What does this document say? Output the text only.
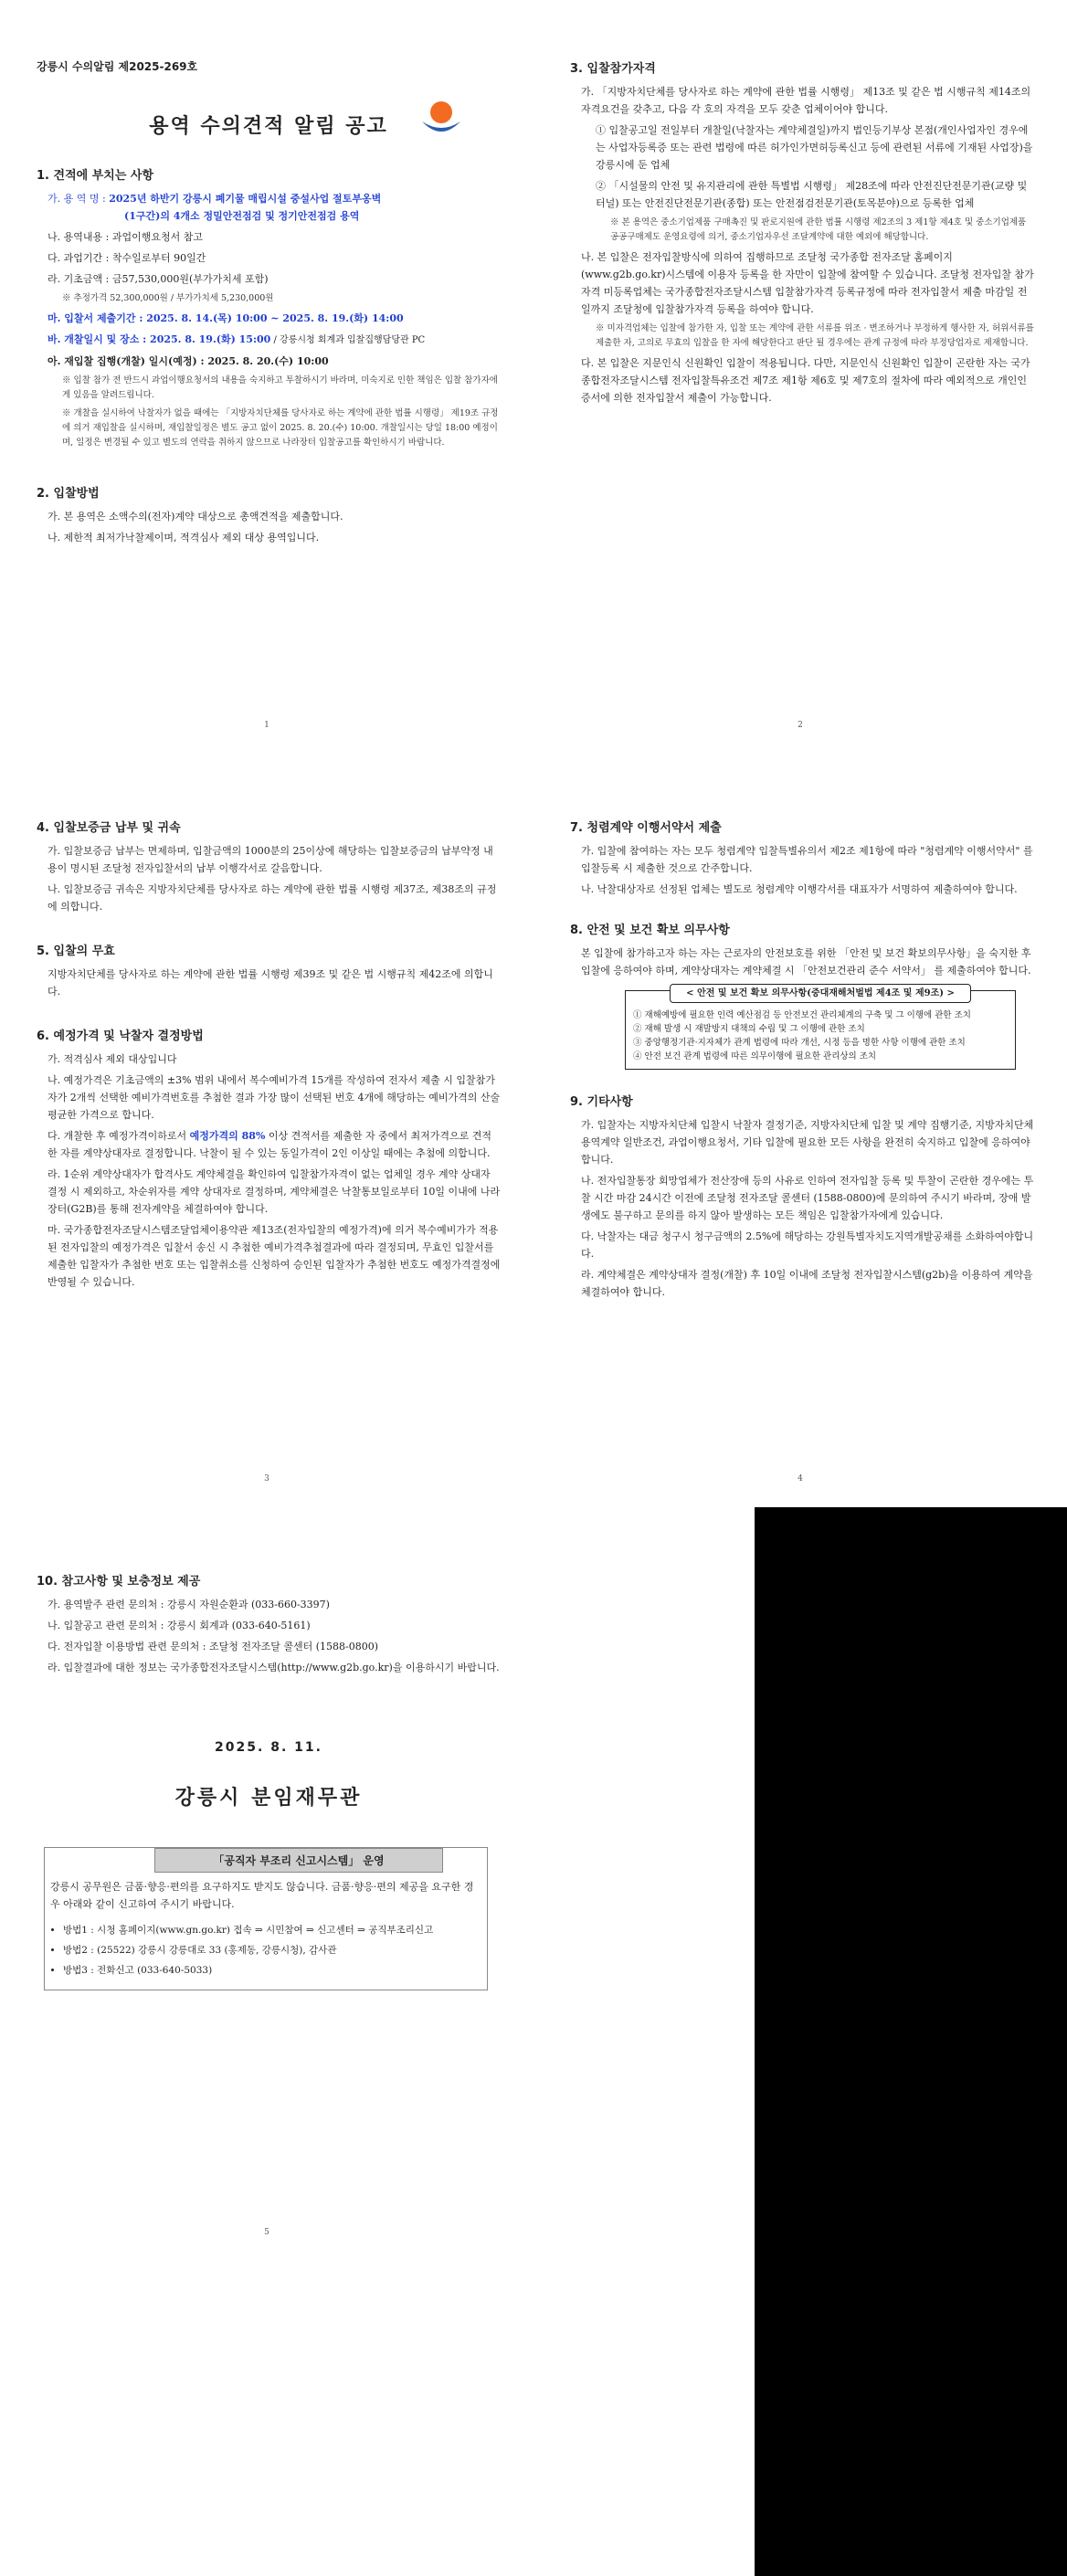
강릉시 수의알림 제2025-269호
용역 수의견적 알림 공고
1. 견적에 부치는 사항
가. 용 역 명 : 2025년 하반기 강릉시 폐기물 매립시설 중설사업 절토부옹벽
(1구간)의 4개소 정밀안전점검 및 정기안전점검 용역
나. 용역내용 : 과업이행요청서 참고
다. 과업기간 : 착수일로부터 90일간
라. 기초금액 : 금57,530,000원(부가가치세 포함)
※ 추정가격 52,300,000원 / 부가가치세 5,230,000원
마. 입찰서 제출기간 : 2025. 8. 14.(목) 10:00 ~ 2025. 8. 19.(화) 14:00
바. 개찰일시 및 장소 : 2025. 8. 19.(화) 15:00 / 강릉시청 회계과 입찰집행담당관 PC
아. 재입찰 집행(개찰) 일시(예정) : 2025. 8. 20.(수) 10:00
※ 입찰 참가 전 반드시 과업이행요청서의 내용을 숙지하고 투찰하시기 바라며, 미숙지로 인한 책임은 입찰 참가자에게 있음을 알려드립니다.
※ 개찰을 실시하여 낙찰자가 없을 때에는 「지방자치단체를 당사자로 하는 계약에 관한 법률 시행령」 제19조 규정에 의거 재입찰을 실시하며, 재입찰일정은 별도 공고 없이 2025. 8. 20.(수) 10:00. 개찰일시는 당일 18:00 예정이며, 일정은 변경될 수 있고 별도의 연락을 취하지 않으므로 나라장터 입찰공고를 확인하시기 바랍니다.
2. 입찰방법
가. 본 용역은 소액수의(전자)계약 대상으로 총액견적을 제출합니다.
나. 제한적 최저가낙찰제이며, 적격심사 제외 대상 용역입니다.
1
3. 입찰참가자격
가. 「지방자치단체를 당사자로 하는 계약에 관한 법률 시행령」 제13조 및 같은 법 시행규칙 제14조의 자격요건을 갖추고, 다음 각 호의 자격을 모두 갖춘 업체이어야 합니다.
① 입찰공고일 전일부터 개찰일(낙찰자는 계약체결일)까지 법인등기부상 본점(개인사업자인 경우에는 사업자등록증 또는 관련 법령에 따른 허가인가면허등록신고 등에 관련된 서류에 기재된 사업장)을 강릉시에 둔 업체
② 「시설물의 안전 및 유지관리에 관한 특별법 시행령」 제28조에 따라 안전진단전문기관(교량 및 터널) 또는 안전진단전문기관(종합) 또는 안전점검전문기관(토목분야)으로 등록한 업체
※ 본 용역은 중소기업제품 구매촉진 및 판로지원에 관한 법률 시행령 제2조의 3 제1항 제4호 및 중소기업제품 공공구매제도 운영요령에 의거, 중소기업자우선 조달계약에 대한 예외에 해당합니다.
나. 본 입찰은 전자입찰방식에 의하여 집행하므로 조달청 국가종합 전자조달 홈페이지(www.g2b.go.kr)시스템에 이용자 등록을 한 자만이 입찰에 참여할 수 있습니다. 조달청 전자입찰 참가자격 미등록업체는 국가종합전자조달시스템 입찰참가자격 등록규정에 따라 전자입찰서 제출 마감일 전일까지 조달청에 입찰참가자격 등록을 하여야 합니다.
※ 미자격업체는 입찰에 참가한 자, 입찰 또는 계약에 관한 서류를 위조 · 변조하거나 부정하게 행사한 자, 허위서류를 제출한 자, 고의로 무효의 입찰을 한 자에 해당한다고 판단 될 경우에는 관계 규정에 따라 부정당업자로 제재합니다.
다. 본 입찰은 지문인식 신원확인 입찰이 적용됩니다. 다만, 지문인식 신원확인 입찰이 곤란한 자는 국가종합전자조달시스템 전자입찰특유조건 제7조 제1항 제6호 및 제7호의 절차에 따라 예외적으로 개인인증서에 의한 전자입찰서 제출이 가능합니다.
2
4. 입찰보증금 납부 및 귀속
가. 입찰보증금 납부는 면제하며, 입찰금액의 1000분의 25이상에 해당하는 입찰보증금의 납부약정 내용이 명시된 조달청 전자입찰서의 납부 이행각서로 갈음합니다.
나. 입찰보증금 귀속은 지방자치단체를 당사자로 하는 계약에 관한 법률 시행령 제37조, 제38조의 규정에 의합니다.
5. 입찰의 무효
지방자치단체를 당사자로 하는 계약에 관한 법률 시행령 제39조 및 같은 법 시행규칙 제42조에 의합니다.
6. 예정가격 및 낙찰자 결정방법
가. 적격심사 제외 대상입니다
나. 예정가격은 기초금액의 ±3% 범위 내에서 복수예비가격 15개를 작성하여 전자서 제출 시 입찰참가자가 2개씩 선택한 예비가격번호를 추첨한 결과 가장 많이 선택된 번호 4개에 해당하는 예비가격의 산술평균한 가격으로 합니다.
다. 개찰한 후 예정가격이하로서 예정가격의 88% 이상 견적서를 제출한 자 중에서 최저가격으로 견적한 자를 계약상대자로 결정합니다. 낙찰이 될 수 있는 동일가격이 2인 이상일 때에는 추첨에 의합니다.
라. 1순위 계약상대자가 합격사도 계약체결을 확인하여 입찰참가자격이 없는 업체일 경우 계약 상대자 결정 시 제외하고, 차순위자를 계약 상대자로 결정하며, 계약체결은 낙찰통보일로부터 10일 이내에 나라장터(G2B)를 통해 전자계약을 체결하여야 합니다.
마. 국가종합전자조달시스템조달업체이용약관 제13조(전자입찰의 예정가격)에 의거 복수예비가가 적용된 전자입찰의 예정가격은 입찰서 송신 시 추첨한 예비가격추첨결과에 따라 결정되며, 무효인 입찰서를 제출한 입찰자가 추첨한 번호 또는 입찰취소를 신청하여 승인된 입찰자가 추첨한 번호도 예정가격결정에 반영될 수 있습니다.
3
7. 청렴계약 이행서약서 제출
가. 입찰에 참여하는 자는 모두 청렴계약 입찰특별유의서 제2조 제1항에 따라 "청렴계약 이행서약서" 를 입찰등록 시 제출한 것으로 간주합니다.
나. 낙찰대상자로 선정된 업체는 별도로 청렴계약 이행각서를 대표자가 서명하여 제출하여야 합니다.
8. 안전 및 보건 확보 의무사항
본 입찰에 참가하고자 하는 자는 근로자의 안전보호를 위한 「안전 및 보건 확보의무사항」을 숙지한 후 입찰에 응하여야 하며, 계약상대자는 계약체결 시 「안전보건관리 준수 서약서」 를 제출하여야 합니다.
< 안전 및 보건 확보 의무사항(중대재해처벌법 제4조 및 제9조) >
① 재해예방에 필요한 인력 예산점검 등 안전보건 관리체계의 구축 및 그 이행에 관한 조치
② 재해 발생 시 재발방지 대책의 수립 및 그 이행에 관한 조치
③ 중앙행정기관·지자체가 관계 법령에 따라 개선, 시정 등을 명한 사항 이행에 관한 조치
④ 안전 보건 관계 법령에 따른 의무이행에 필요한 관리상의 조치
9. 기타사항
가. 입찰자는 지방자치단체 입찰시 낙찰자 결정기준, 지방자치단체 입찰 및 계약 집행기준, 지방자치단체 용역계약 일반조건, 과업이행요청서, 기타 입찰에 필요한 모든 사항을 완전히 숙지하고 입찰에 응하여야 합니다.
나. 전자입찰통장 회망업체가 전산장애 등의 사유로 인하여 전자입찰 등록 및 투찰이 곤란한 경우에는 투찰 시간 마감 24시간 이전에 조달청 전자조달 콜센터 (1588-0800)에 문의하여 주시기 바라며, 장애 발생에도 불구하고 문의를 하지 않아 발생하는 모든 책임은 입찰참가자에게 있습니다.
다. 낙찰자는 대금 청구시 청구금액의 2.5%에 해당하는 강원특별자치도지역개발공채를 소화하여야합니다.
라. 계약체결은 계약상대자 결정(개찰) 후 10일 이내에 조달청 전자입찰시스템(g2b)을 이용하여 계약을 체결하여야 합니다.
4
10. 참고사항 및 보충정보 제공
가. 용역발주 관련 문의처 : 강릉시 자원순환과 (033-660-3397)
나. 입찰공고 관련 문의처 : 강릉시 회계과 (033-640-5161)
다. 전자입찰 이용방법 관련 문의처 : 조달청 전자조달 콜센터 (1588-0800)
라. 입찰결과에 대한 정보는 국가종합전자조달시스템(http://www.g2b.go.kr)을 이용하시기 바랍니다.
2025. 8. 11.
강릉시 분임재무관
「공직자 부조리 신고시스템」 운영
강릉시 공무원은 금품·향응·편의를 요구하지도 받지도 않습니다. 금품·향응·편의 제공을 요구한 경우 아래와 같이 신고하여 주시기 바랍니다.
• 방법1 : 시청 홈페이지(www.gn.go.kr) 접속 ⇒ 시민참여 ⇒ 신고센터 ⇒ 공직부조리신고
• 방법2 : (25522) 강릉시 강릉대로 33 (홍제동, 강릉시청), 감사관
• 방법3 : 전화신고 (033-640-5033)
5
